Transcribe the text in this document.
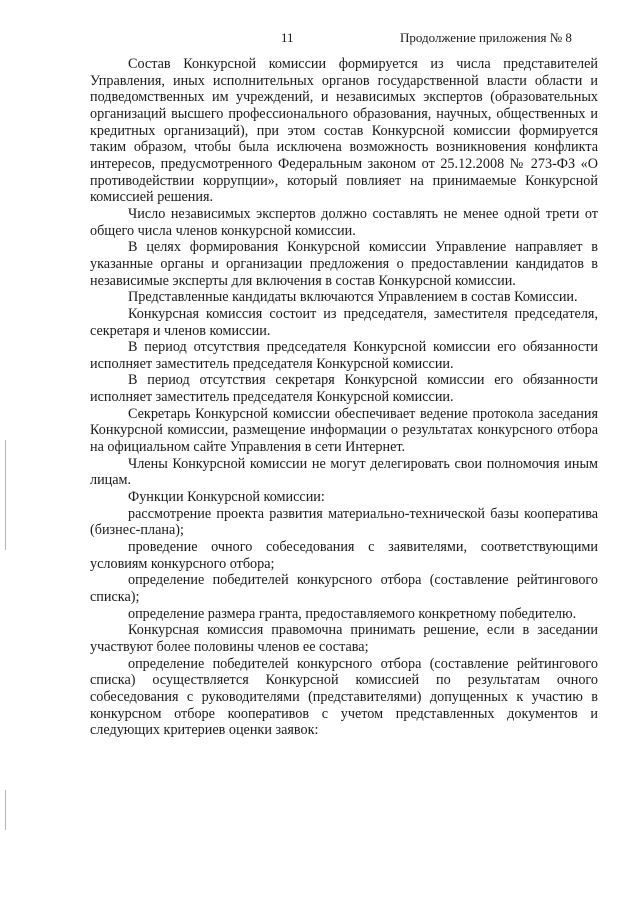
11	Продолжение приложения № 8

Состав Конкурсной комиссии формируется из числа представителей Управления, иных исполнительных органов государственной власти области и подведомственных им учреждений, и независимых экспертов (образовательных организаций высшего профессионального образования, научных, общественных и кредитных организаций), при этом состав Конкурсной комиссии формируется таким образом, чтобы была исключена возможность возникновения конфликта интересов, предусмотренного Федеральным законом от 25.12.2008 № 273-ФЗ «О противодействии коррупции», который повлияет на принимаемые Конкурсной комиссией решения.

Число независимых экспертов должно составлять не менее одной трети от общего числа членов конкурсной комиссии.

В целях формирования Конкурсной комиссии Управление направляет в указанные органы и организации предложения о предоставлении кандидатов в независимые эксперты для включения в состав Конкурсной комиссии.

Представленные кандидаты включаются Управлением в состав Комиссии.

Конкурсная комиссия состоит из председателя, заместителя председателя, секретаря и членов комиссии.

В период отсутствия председателя Конкурсной комиссии его обязанности исполняет заместитель председателя Конкурсной комиссии.

В период отсутствия секретаря Конкурсной комиссии его обязанности исполняет заместитель председателя Конкурсной комиссии.

Секретарь Конкурсной комиссии обеспечивает ведение протокола заседания Конкурсной комиссии, размещение информации о результатах конкурсного отбора на официальном сайте Управления в сети Интернет.

Члены Конкурсной комиссии не могут делегировать свои полномочия иным лицам.

Функции Конкурсной комиссии:

рассмотрение проекта развития материально-технической базы кооператива (бизнес-плана);

проведение очного собеседования с заявителями, соответствующими условиям конкурсного отбора;

определение победителей конкурсного отбора (составление рейтингового списка);

определение размера гранта, предоставляемого конкретному победителю.

Конкурсная комиссия правомочна принимать решение, если в заседании участвуют более половины членов ее состава;

определение победителей конкурсного отбора (составление рейтингового списка) осуществляется Конкурсной комиссией по результатам очного собеседования с руководителями (представителями) допущенных к участию в конкурсном отборе кооперативов с учетом представленных документов и следующих критериев оценки заявок:
